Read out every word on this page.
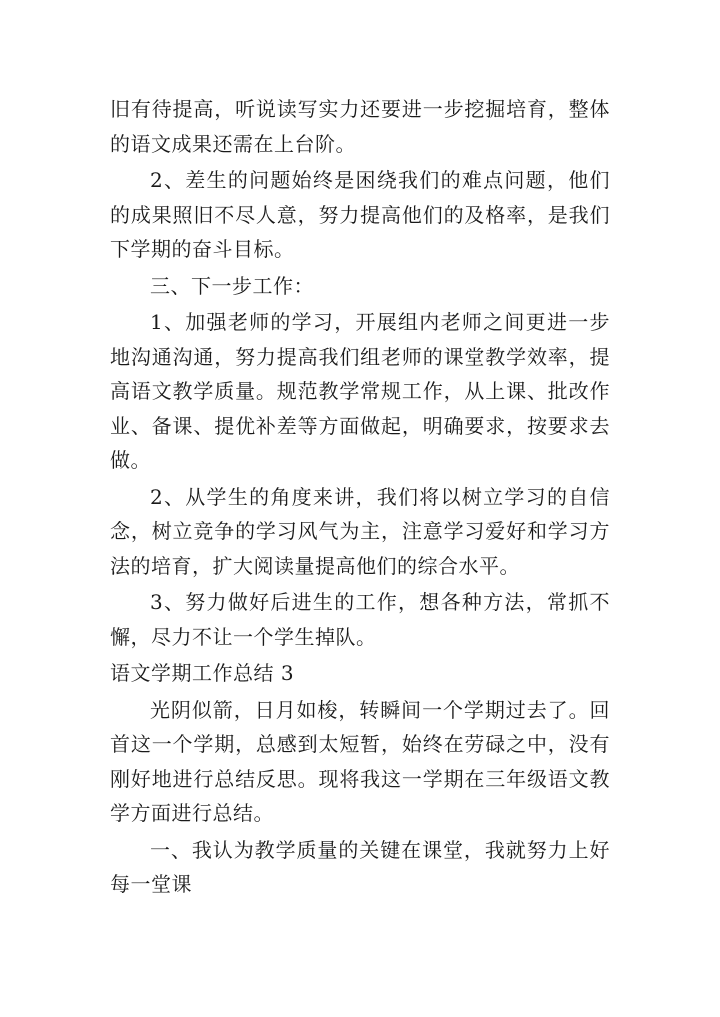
旧有待提高，听说读写实力还要进一步挖掘培育，整体的语文成果还需在上台阶。

2、差生的问题始终是困绕我们的难点问题，他们的成果照旧不尽人意，努力提高他们的及格率，是我们下学期的奋斗目标。

三、下一步工作：

1、加强老师的学习，开展组内老师之间更进一步地沟通沟通，努力提高我们组老师的课堂教学效率，提高语文教学质量。规范教学常规工作，从上课、批改作业、备课、提优补差等方面做起，明确要求，按要求去做。

2、从学生的角度来讲，我们将以树立学习的自信念，树立竞争的学习风气为主，注意学习爱好和学习方法的培育，扩大阅读量提高他们的综合水平。

3、努力做好后进生的工作，想各种方法，常抓不懈，尽力不让一个学生掉队。

语文学期工作总结 3

光阴似箭，日月如梭，转瞬间一个学期过去了。回首这一个学期，总感到太短暂，始终在劳碌之中，没有刚好地进行总结反思。现将我这一学期在三年级语文教学方面进行总结。

一、我认为教学质量的关键在课堂，我就努力上好每一堂课
